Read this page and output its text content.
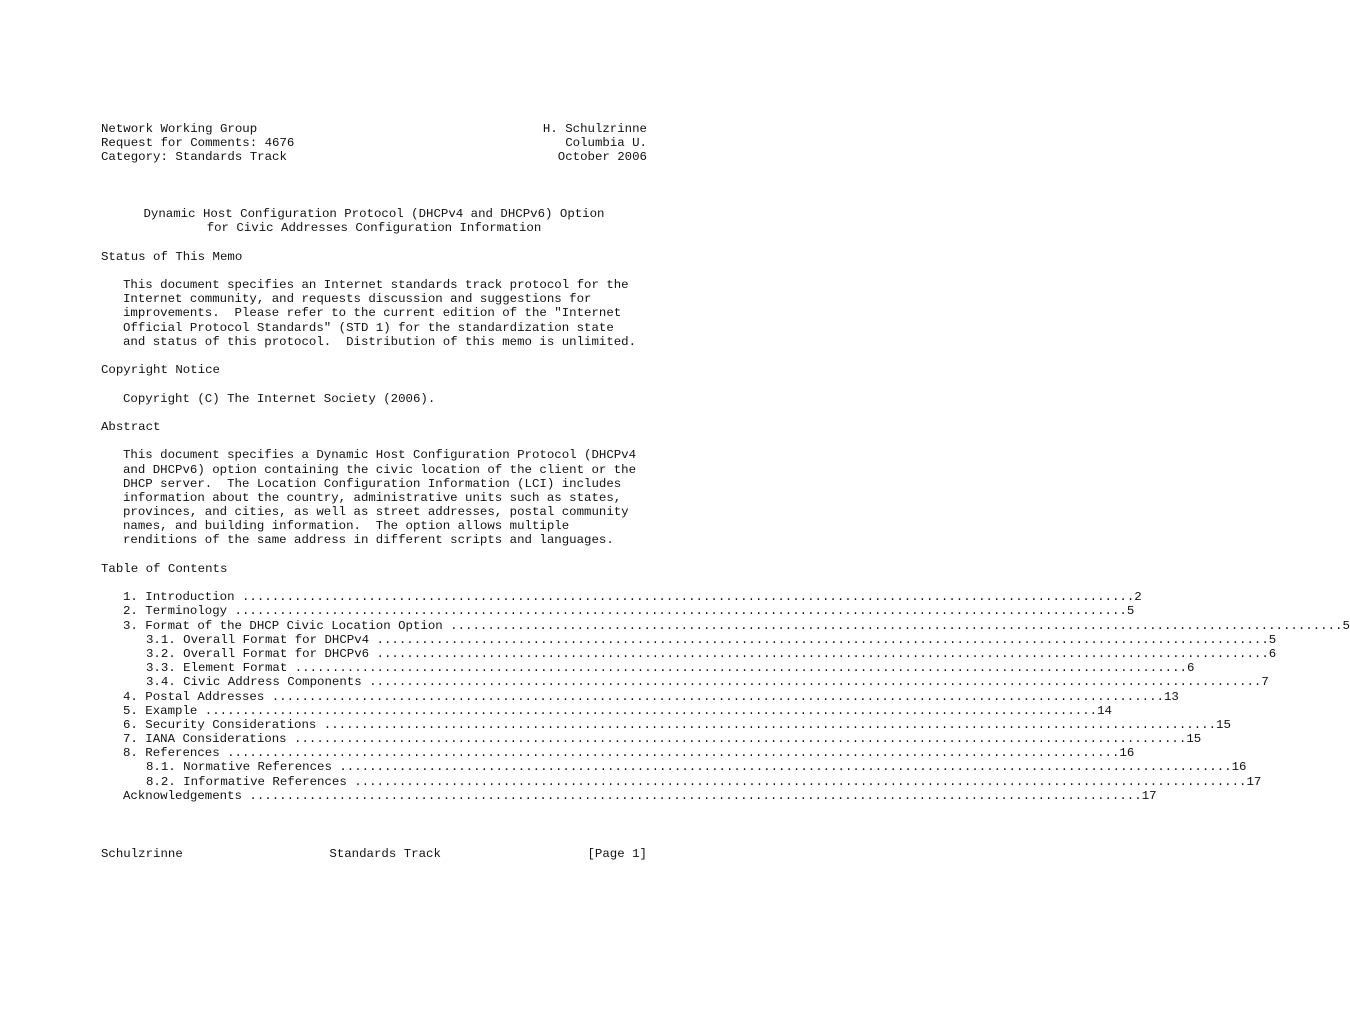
Network Working Group	H. Schulzrinne
Request for Comments: 4676	Columbia U.
Category: Standards Track	October 2006
Dynamic Host Configuration Protocol (DHCPv4 and DHCPv6) Option
for Civic Addresses Configuration Information
Status of This Memo
This document specifies an Internet standards track protocol for the
Internet community, and requests discussion and suggestions for
improvements.  Please refer to the current edition of the "Internet
Official Protocol Standards" (STD 1) for the standardization state
and status of this protocol.  Distribution of this memo is unlimited.
Copyright Notice
Copyright (C) The Internet Society (2006).
Abstract
This document specifies a Dynamic Host Configuration Protocol (DHCPv4
and DHCPv6) option containing the civic location of the client or the
DHCP server.  The Location Configuration Information (LCI) includes
information about the country, administrative units such as states,
provinces, and cities, as well as street addresses, postal community
names, and building information.  The option allows multiple
renditions of the same address in different scripts and languages.
Table of Contents
1. Introduction ........................................................................................................................ 2
2. Terminology ........................................................................................................................ 5
3. Format of the DHCP Civic Location Option ........................................................................................................................ 5
3.1. Overall Format for DHCPv4 ........................................................................................................................ 5
3.2. Overall Format for DHCPv6 ........................................................................................................................ 6
3.3. Element Format ........................................................................................................................ 6
3.4. Civic Address Components ........................................................................................................................ 7
4. Postal Addresses ........................................................................................................................ 13
5. Example ........................................................................................................................ 14
6. Security Considerations ........................................................................................................................ 15
7. IANA Considerations ........................................................................................................................ 15
8. References ........................................................................................................................ 16
8.1. Normative References ........................................................................................................................ 16
8.2. Informative References ........................................................................................................................ 17
Acknowledgements ........................................................................................................................ 17
Schulzrinne	Standards Track	[Page 1]
